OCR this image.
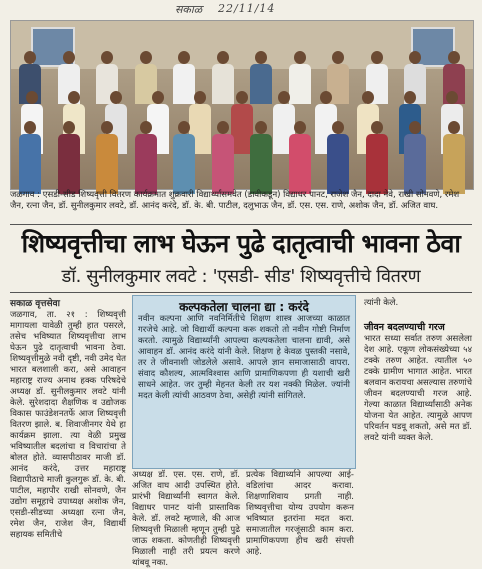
सकाळ 22/11/14
जळगाव : एसडी-सीड शिष्यवृत्ती वितरण कार्यक्रमात शुक्रवारी विद्यार्थ्यांसमवेत (डावीकडून) विद्याधर पानट, राजेश जैन, दादा नेवे, राखी सोनवणे, रमेश जैन, रत्ना जैन, डॉ. सुनीलकुमार लवटे, डॉ. आनंद करंदे, डॉ. के. बी. पाटील, दलुभाऊ जैन, डॉ. एस. एस. राणे, अशोक जैन, डॉ. अजित वाघ.
शिष्यवृत्तीचा लाभ घेऊन पुढे दातृत्वाची भावना ठेवा
डॉ. सुनीलकुमार लवटे : 'एसडी- सीड' शिष्यवृत्तीचे वितरण
सकाळ वृत्तसेवा

जळगाव, ता. २१ : शिष्यवृत्ती मागायला यावेळी तुम्ही हात पसरले, तसेच भविष्यात शिष्यवृत्तीचा लाभ घेऊन पुढे दातृत्वाची भावना ठेवा. शिष्यवृत्तीमुळे नवी दृष्टी, नवी उमेद घेत भारत बलशाली करा, असे आवाहन महाराष्ट्र राज्य अनाथ हक्क परिषदेचे अध्यक्ष डॉ. सुनीलकुमार लवटे यांनी केले. सुरेशदादा शैक्षणिक व उद्योजक विकास फाउंडेशनतर्फे आज शिष्यवृत्ती वितरण झाले. ब. शिवाजीनगर येथे हा कार्यक्रम झाला. त्या वेळी प्रमुख भविष्यातील बदलांचा व विचारांचा ते बोलत होते. व्यासपीठावर माजी डॉ. आनंद करंदे, उत्तर महाराष्ट्र विद्यापीठाचे माजी कुलगुरू डॉ. के. बी. पाटील, महापौर राखी सोनवणे, जैन उद्योग समूहाचे उपाध्यक्ष अशोक जैन, एसडी-सीडच्या अध्यक्षा रत्ना जैन, रमेश जैन, राजेश जैन, विद्यार्थी सहायक समितीचे

कल्पकतेला चालना द्या : करंदे
नवीन कल्पना आणि नवनिर्मितीचे शिक्षण शास्त्र आजच्या काळात गरजेचे आहे. जो विद्यार्थी कल्पना करू शकतो तो नवीन गोष्टी निर्माण करतो. त्यामुळे विद्यार्थ्यांनी आपल्या कल्पकतेला चालना द्यावी, असे आवाहन डॉ. आनंद करंदे यांनी केले. शिक्षण हे केवळ पुस्तकी नसावे, तर ते जीवनाशी जोडलेले असावे. आपले ज्ञान समाजासाठी वापरा. संवाद कौशल्य, आत्मविश्वास आणि प्रामाणिकपणा ही यशाची खरी साधने आहेत. जर तुम्ही मेहनत केली तर यश नक्की मिळेल. ज्यांनी मदत केली त्यांची आठवण ठेवा, असेही त्यांनी सांगितले.

अध्यक्ष डॉ. एस. एस. राणे, डॉ. अजित वाघ आदी उपस्थित होते. प्रारंभी विद्यार्थ्यांनी स्वागत केले. विद्याधर पानट यांनी प्रास्ताविक केले. डॉ. लवटे म्हणाले, की आज शिष्यवृत्ती मिळाली म्हणून तुम्ही पुढे जाऊ शकता. कोणतीही शिष्यवृत्ती मिळाली नाही तरी प्रयत्न करणे थांबवू नका.

प्रत्येक विद्यार्थ्याने आपल्या आई-वडिलांचा आदर करावा. शिक्षणाशिवाय प्रगती नाही. शिष्यवृत्तीचा योग्य उपयोग करून भविष्यात इतरांना मदत करा. समाजातील गरजूंसाठी काम करा. प्रामाणिकपणा हीच खरी संपत्ती आहे.

त्यांनी केले.

जीवन बदलण्याची गरज

भारत सध्या सर्वात तरुण असलेला देश आहे. एकूण लोकसंख्येच्या ५४ टक्के तरुण आहेत. त्यातील ५० टक्के ग्रामीण भागात आहेत. भारत बलवान करायचा असल्यास तरुणांचे जीवन बदलण्याची गरज आहे. गेल्या काळात विद्यार्थ्यांसाठी अनेक योजना येत आहेत. त्यामुळे आपण परिवर्तन घडवू शकतो, असे मत डॉ. लवटे यांनी व्यक्त केले.
